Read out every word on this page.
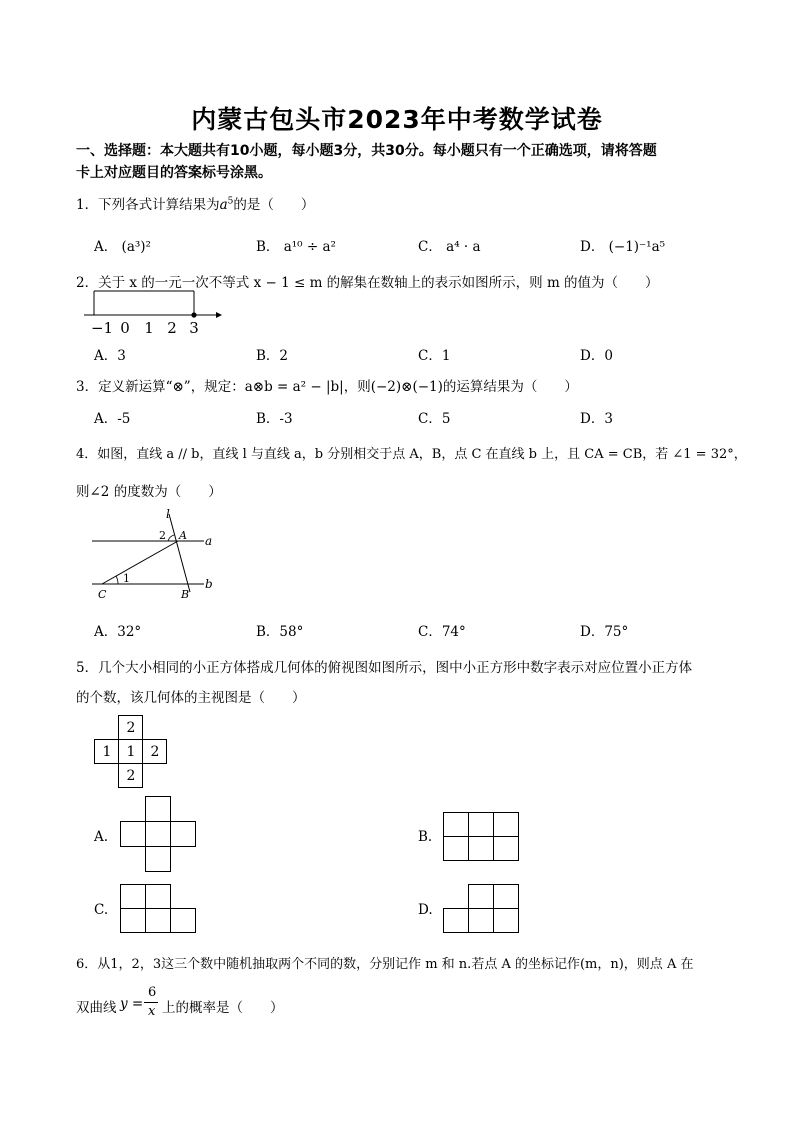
内蒙古包头市2023年中考数学试卷
一、选择题：本大题共有10小题，每小题3分，共30分。每小题只有一个正确选项，请将答题
卡上对应题目的答案标号涂黑。
1．下列各式计算结果为$a^5$的是（　　）
A． (a³)²	B． a¹⁰ ÷ a²	C． a⁴ · a	D． (−1)⁻¹a⁵
2．关于 x 的一元一次不等式 x − 1 ≤ m 的解集在数轴上的表示如图所示，则 m 的值为（　　）
−1 0 1 2 3
A．3	B．2	C．1	D．0
3．定义新运算“⊗”，规定：a⊗b = a² − |b|，则(−2)⊗(−1)的运算结果为（　　）
A．-5	B．-3	C．5	D．3
4．如图，直线 a // b，直线 l 与直线 a，b 分别相交于点 A，B，点 C 在直线 b 上，且 CA = CB，若 ∠1 = 32°，
则∠2 的度数为（　　）
l
a
b
A
B
C
1
2
A．32°	B．58°	C．74°	D．75°
5．几个大小相同的小正方体搭成几何体的俯视图如图所示，图中小正方形中数字表示对应位置小正方体
的个数，该几何体的主视图是（　　）
2
1 1 2
2
A.	B.
C.	D.
6．从1，2，3这三个数中随机抽取两个不同的数，分别记作 m 和 n.若点 A 的坐标记作(m，n)，则点 A 在
双曲线 y =
6
x 上的概率是（　　）
